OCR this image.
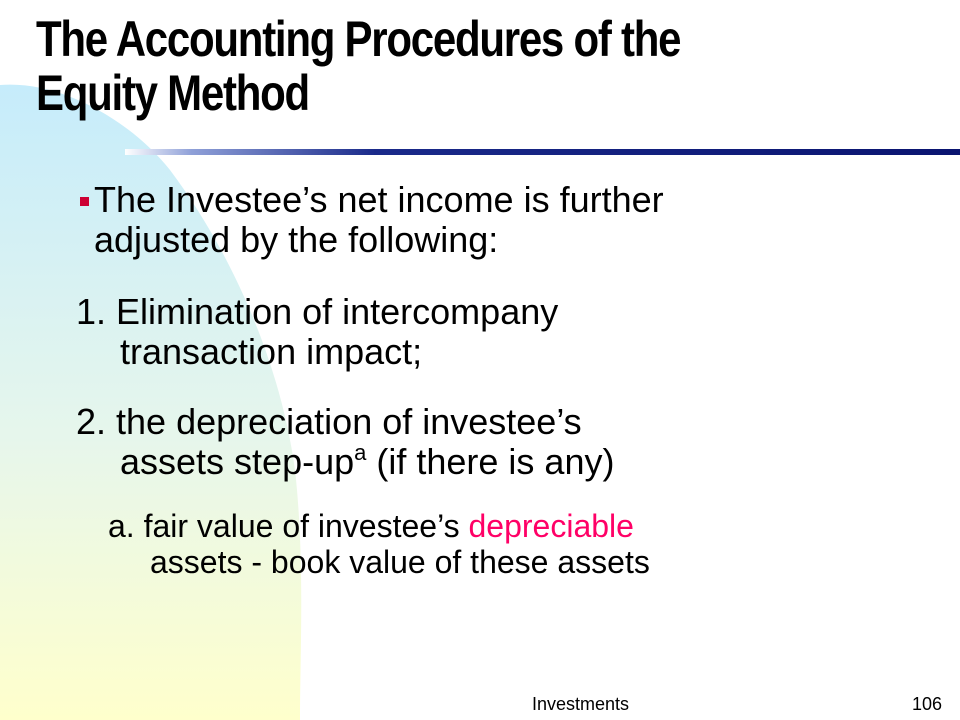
The Accounting Procedures of the
Equity Method
The Investee’s net income is further
adjusted by the following:
1. Elimination of intercompany
transaction impact;
2. the depreciation of investee’s
assets step-$up^a$ (if there is any)
a. fair value of investee’s depreciable
assets - book value of these assets
Investments	106
